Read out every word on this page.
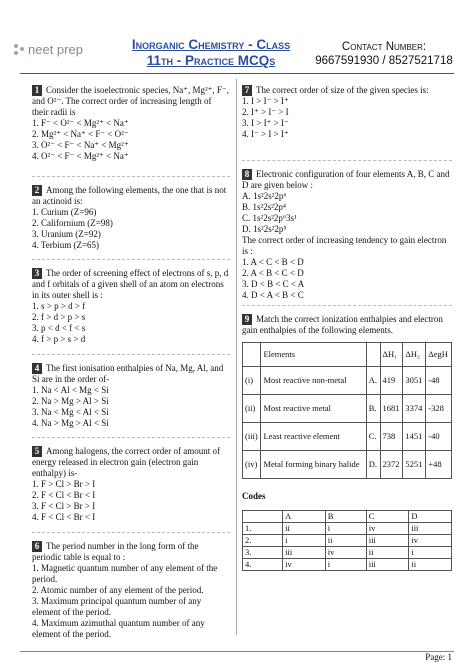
neet prep	Inorganic Chemistry - Class
11th - Practice MCQs
Contact Number:
9667591930 / 8527521718

1 Consider the isoelectronic species, Na⁺, Mg²⁺, F⁻, and O²⁻. The correct order of increasing length of their radii is

1. F⁻ < O²⁻ < Mg²⁺ < Na⁺

2. Mg²⁺ < Na⁺ < F⁻ < O²⁻

3. O²⁻ < F⁻ < Na⁺ < Mg²⁺

4. O²⁻ < F⁻ < Mg²⁺ < Na⁺

2 Among the following elements, the one that is not an actinoid is:

1. Curium (Z=96)

2. Californium (Z=98)

3. Uranium (Z=92)

4. Terbium (Z=65)

3 The order of screening effect of electrons of s, p, d and f orbitals of a given shell of an atom on electrons in its outer shell is :

1. s > p > d > f

2. f > d > p > s

3. p < d < f < s

4. f > p > s > d

4 The first ionisation enthalpies of Na, Mg, Al, and Si are in the order of-

1. Na < Al < Mg < Si

2. Na > Mg > Al > Si

3. Na < Mg < Al < Si

4. Na > Mg > Al < Si

5 Among halogens, the correct order of amount of energy released in electron gain (electron gain enthalpy) is-

1. F > Cl > Br > I

2. F < Cl < Br < I

3. F < Cl > Br > I

4. F < Cl < Br < I

6 The period number in the long form of the periodic table is equal to :

1. Magnetic quantum number of any element of the period.

2. Atomic number of any element of the period.

3. Maximum principal quantum number of any element of the period.

4. Maximum azimuthal quantum number of any element of the period.

7 The correct order of size of the given species is:

1. I > I⁻ > I⁺

2. I⁺ > I⁻ > I

3. I > I⁺ > I⁻

4. I⁻ > I > I⁺

8 Electronic configuration of four elements A, B, C and D are given below :

A. 1s²2s²2p⁶

B. 1s²2s²2p⁴

C. 1s²2s²2p⁶3s¹

D. 1s²2s²2p⁵

The correct order of increasing tendency to gain electron is :

1. A < C < B < D

2. A < B < C < D

3. D < B < C < A

4. D < A < B < C

9 Match the correct ionization enthalpies and electron gain enthalpies of the following elements.

	Elements		ΔH₁	ΔH₂	ΔegH
(i)	Most reactive non-metal	A.	419	3051	-48
(ii)	Most reactive metal	B.	1681	3374	-328
(iii)	Least reactive element	C.	738	1451	-40
(iv)	Metal forming binary halide	D.	2372	5251	+48

Codes

	A	B	C	D
1.	ii	i	iv	iii
2.	i	ii	iii	iv
3.	iii	iv	ii	i
4.	iv	i	iii	ii
Page: 1
